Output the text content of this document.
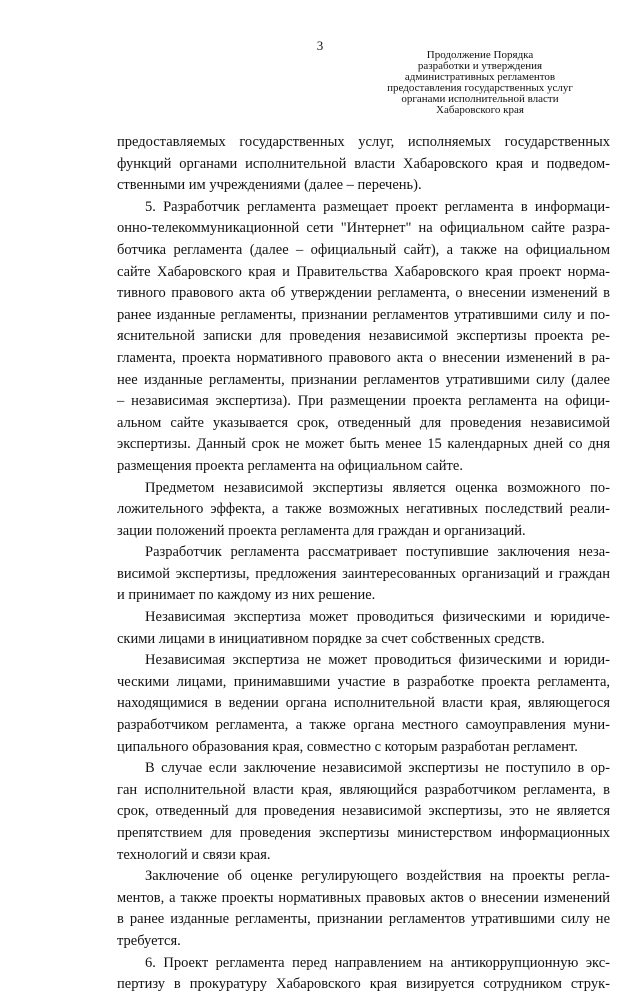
3
Продолжение Порядка
разработки и утверждения
административных регламентов
предоставления государственных услуг
органами исполнительной власти
Хабаровского края
предоставляемых государственных услуг, исполняемых государственных
функций органами исполнительной власти Хабаровского края и подведом-
ственными им учреждениями (далее – перечень).
5. Разработчик регламента размещает проект регламента в информаци-
онно-телекоммуникационной сети "Интернет" на официальном сайте разра-
ботчика регламента (далее – официальный сайт), а также на официальном
сайте Хабаровского края и Правительства Хабаровского края проект норма-
тивного правового акта об утверждении регламента, о внесении изменений в
ранее изданные регламенты, признании регламентов утратившими силу и по-
яснительной записки для проведения независимой экспертизы проекта ре-
гламента, проекта нормативного правового акта о внесении изменений в ра-
нее изданные регламенты, признании регламентов утратившими силу (далее
– независимая экспертиза). При размещении проекта регламента на офици-
альном сайте указывается срок, отведенный для проведения независимой
экспертизы. Данный срок не может быть менее 15 календарных дней со дня
размещения проекта регламента на официальном сайте.
Предметом независимой экспертизы является оценка возможного по-
ложительного эффекта, а также возможных негативных последствий реали-
зации положений проекта регламента для граждан и организаций.
Разработчик регламента рассматривает поступившие заключения неза-
висимой экспертизы, предложения заинтересованных организаций и граждан
и принимает по каждому из них решение.
Независимая экспертиза может проводиться физическими и юридиче-
скими лицами в инициативном порядке за счет собственных средств.
Независимая экспертиза не может проводиться физическими и юриди-
ческими лицами, принимавшими участие в разработке проекта регламента,
находящимися в ведении органа исполнительной власти края, являющегося
разработчиком регламента, а также органа местного самоуправления муни-
ципального образования края, совместно с которым разработан регламент.
В случае если заключение независимой экспертизы не поступило в ор-
ган исполнительной власти края, являющийся разработчиком регламента, в
срок, отведенный для проведения независимой экспертизы, это не является
препятствием для проведения экспертизы министерством информационных
технологий и связи края.
Заключение об оценке регулирующего воздействия на проекты регла-
ментов, а также проекты нормативных правовых актов о внесении изменений
в ранее изданные регламенты, признании регламентов утратившими силу не
требуется.
6. Проект регламента перед направлением на антикоррупционную экс-
пертизу в прокуратуру Хабаровского края визируется сотрудником струк-
